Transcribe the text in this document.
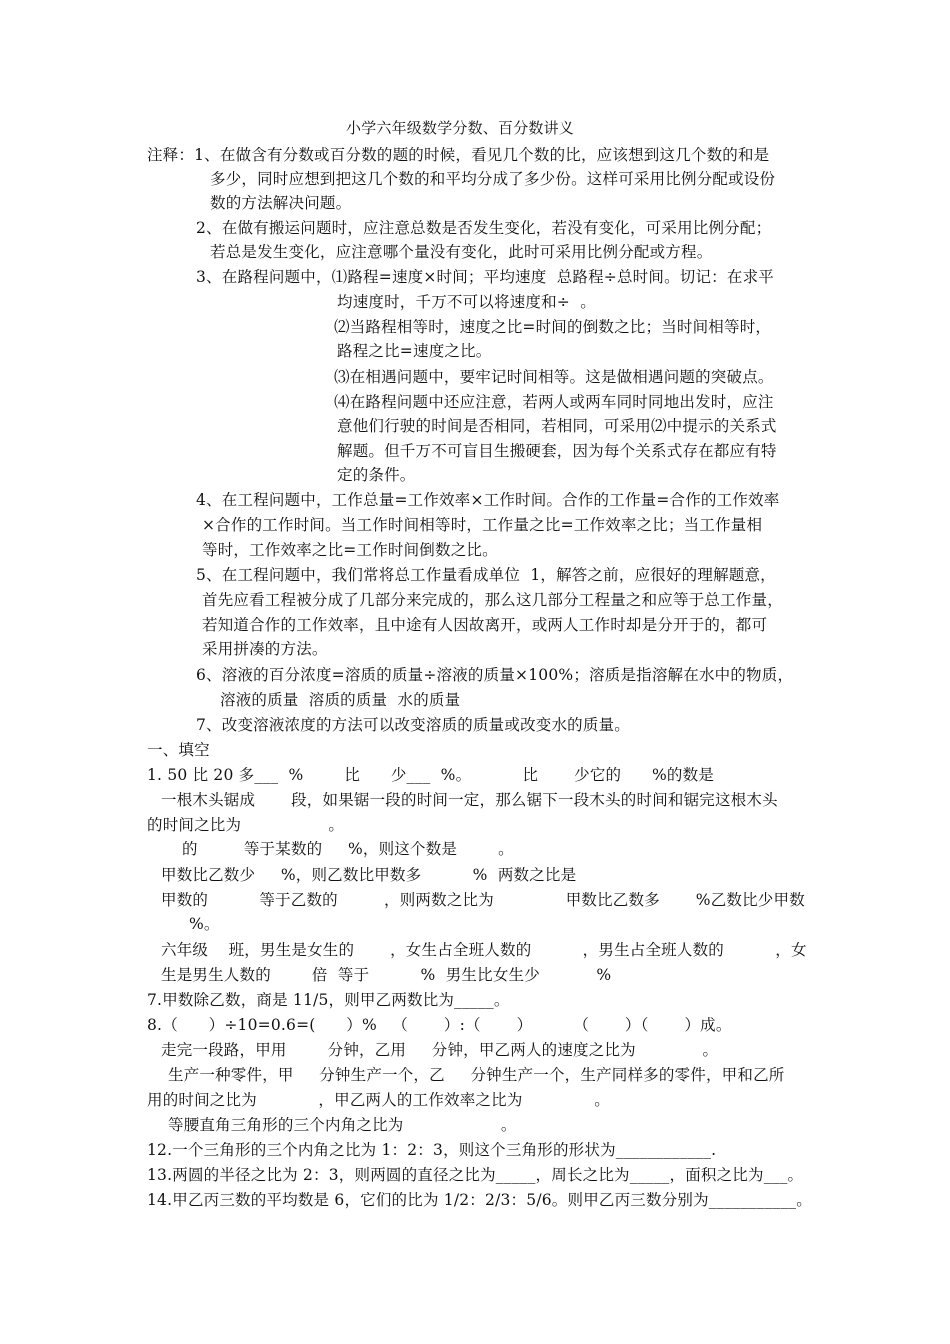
小学六年级数学分数、百分数讲义
注释：1、在做含有分数或百分数的题的时候，看见几个数的比，应该想到这几个数的和是
多少，同时应想到把这几个数的和平均分成了多少份。这样可采用比例分配或设份
数的方法解决问题。
2、在做有搬运问题时，应注意总数是否发生变化，若没有变化，可采用比例分配；
若总是发生变化，应注意哪个量没有变化，此时可采用比例分配或方程。
3、在路程问题中，⑴路程=速度×时间；平均速度  总路程÷总时间。切记：在求平
均速度时，千万不可以将速度和÷  。
⑵当路程相等时，速度之比=时间的倒数之比；当时间相等时，
路程之比=速度之比。
⑶在相遇问题中，要牢记时间相等。这是做相遇问题的突破点。
⑷在路程问题中还应注意，若两人或两车同时同地出发时，应注
意他们行驶的时间是否相同，若相同，可采用⑵中提示的关系式
解题。但千万不可盲目生搬硬套，因为每个关系式存在都应有特
定的条件。
4、在工程问题中，工作总量=工作效率×工作时间。合作的工作量=合作的工作效率
×合作的工作时间。当工作时间相等时，工作量之比=工作效率之比；当工作量相
等时，工作效率之比=工作时间倒数之比。
5、在工程问题中，我们常将总工作量看成单位  1，解答之前，应很好的理解题意，
首先应看工程被分成了几部分来完成的，那么这几部分工程量之和应等于总工作量，
若知道合作的工作效率，且中途有人因故离开，或两人工作时却是分开于的，都可
采用拼凑的方法。
6、溶液的百分浓度=溶质的质量÷溶液的质量×100%；溶质是指溶解在水中的物质，
溶液的质量  溶质的质量  水的质量
7、改变溶液浓度的方法可以改变溶质的质量或改变水的质量。
一、填空
1. 50 比 20 多___  %        比      少___  %。          比       少它的      %的数是
一根木头锯成       段，如果锯一段的时间一定，那么锯下一段木头的时间和锯完这根木头
的时间之比为                 。
的         等于某数的     %，则这个数是        。
甲数比乙数少     %，则乙数比甲数多          %  两数之比是
甲数的          等于乙数的         ，则两数之比为              甲数比乙数多       %乙数比少甲数
%。
六年级    班，男生是女生的       ，女生占全班人数的          ，男生占全班人数的          ，女
生是男生人数的        倍  等于          %  男生比女生少           %
7.甲数除乙数，商是 11/5，则甲乙两数比为_____。
8.（      ）÷10=0.6=(      ）%   （       ）:（       ）        （       ）（       ）成。
走完一段路，甲用        分钟，乙用     分钟，甲乙两人的速度之比为             。
生产一种零件，甲     分钟生产一个，乙     分钟生产一个，生产同样多的零件，甲和乙所
用的时间之比为            ，甲乙两人的工作效率之比为              。
等腰直角三角形的三个内角之比为                   。
12.一个三角形的三个内角之比为 1：2：3，则这个三角形的形状为____________.
13.两圆的半径之比为 2：3，则两圆的直径之比为_____，周长之比为_____，面积之比为___。
14.甲乙丙三数的平均数是 6，它们的比为 1/2：2/3：5/6。则甲乙丙三数分别为___________。
